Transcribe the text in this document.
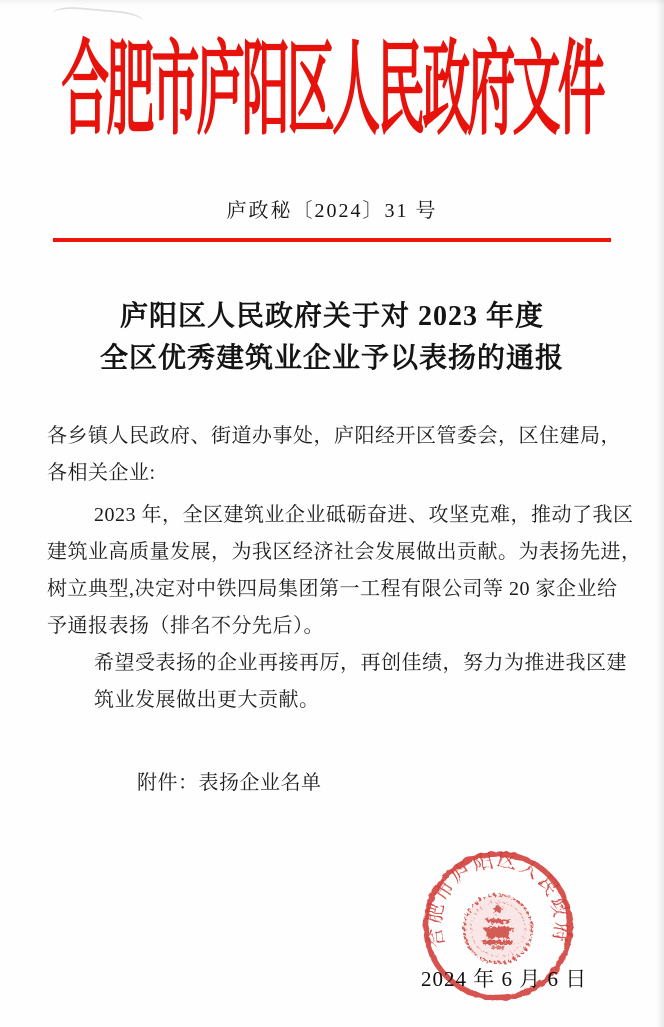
合肥市庐阳区人民政府文件
庐政秘〔2024〕31 号
庐阳区人民政府关于对 2023 年度
全区优秀建筑业企业予以表扬的通报
各乡镇人民政府、街道办事处，庐阳经开区管委会，区住建局，
各相关企业:
2023 年，全区建筑业企业砥砺奋进、攻坚克难，推动了我区
建筑业高质量发展，为我区经济社会发展做出贡献。为表扬先进，
树立典型,决定对中铁四局集团第一工程有限公司等 20 家企业给
予通报表扬（排名不分先后）。
希望受表扬的企业再接再厉，再创佳绩，努力为推进我区建
筑业发展做出更大贡献。
附件：表扬企业名单
2024 年 6 月 6 日
合肥市庐阳区人民政府
